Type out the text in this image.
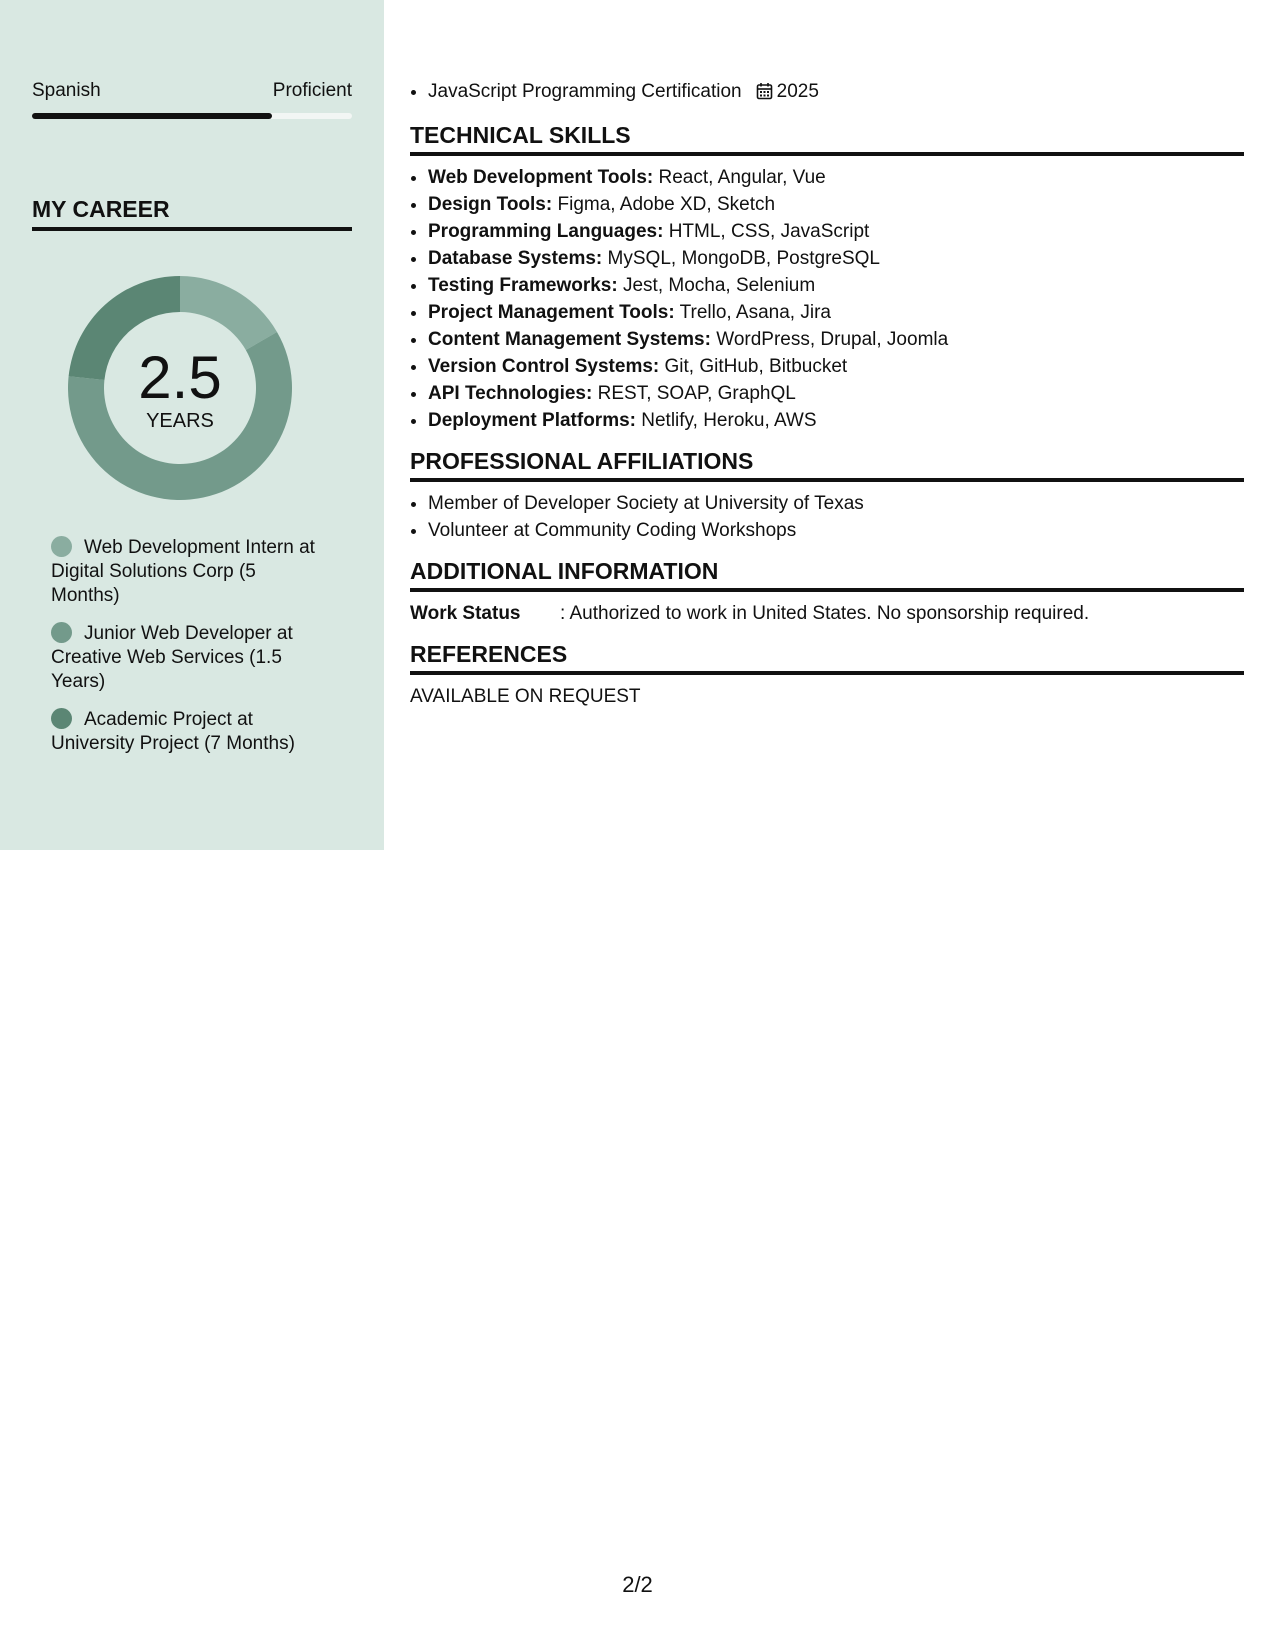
Spanish	Proficient
MY CAREER
2.5
YEARS
Web Development Intern at Digital Solutions Corp (5 Months)
Junior Web Developer at Creative Web Services (1.5 Years)
Academic Project at University Project (7 Months)
• JavaScript Programming Certification 2025
TECHNICAL SKILLS
• Web Development Tools: React, Angular, Vue
• Design Tools: Figma, Adobe XD, Sketch
• Programming Languages: HTML, CSS, JavaScript
• Database Systems: MySQL, MongoDB, PostgreSQL
• Testing Frameworks: Jest, Mocha, Selenium
• Project Management Tools: Trello, Asana, Jira
• Content Management Systems: WordPress, Drupal, Joomla
• Version Control Systems: Git, GitHub, Bitbucket
• API Technologies: REST, SOAP, GraphQL
• Deployment Platforms: Netlify, Heroku, AWS
PROFESSIONAL AFFILIATIONS
• Member of Developer Society at University of Texas
• Volunteer at Community Coding Workshops
ADDITIONAL INFORMATION
Work Status	: Authorized to work in United States. No sponsorship required.
REFERENCES
AVAILABLE ON REQUEST
2/2
